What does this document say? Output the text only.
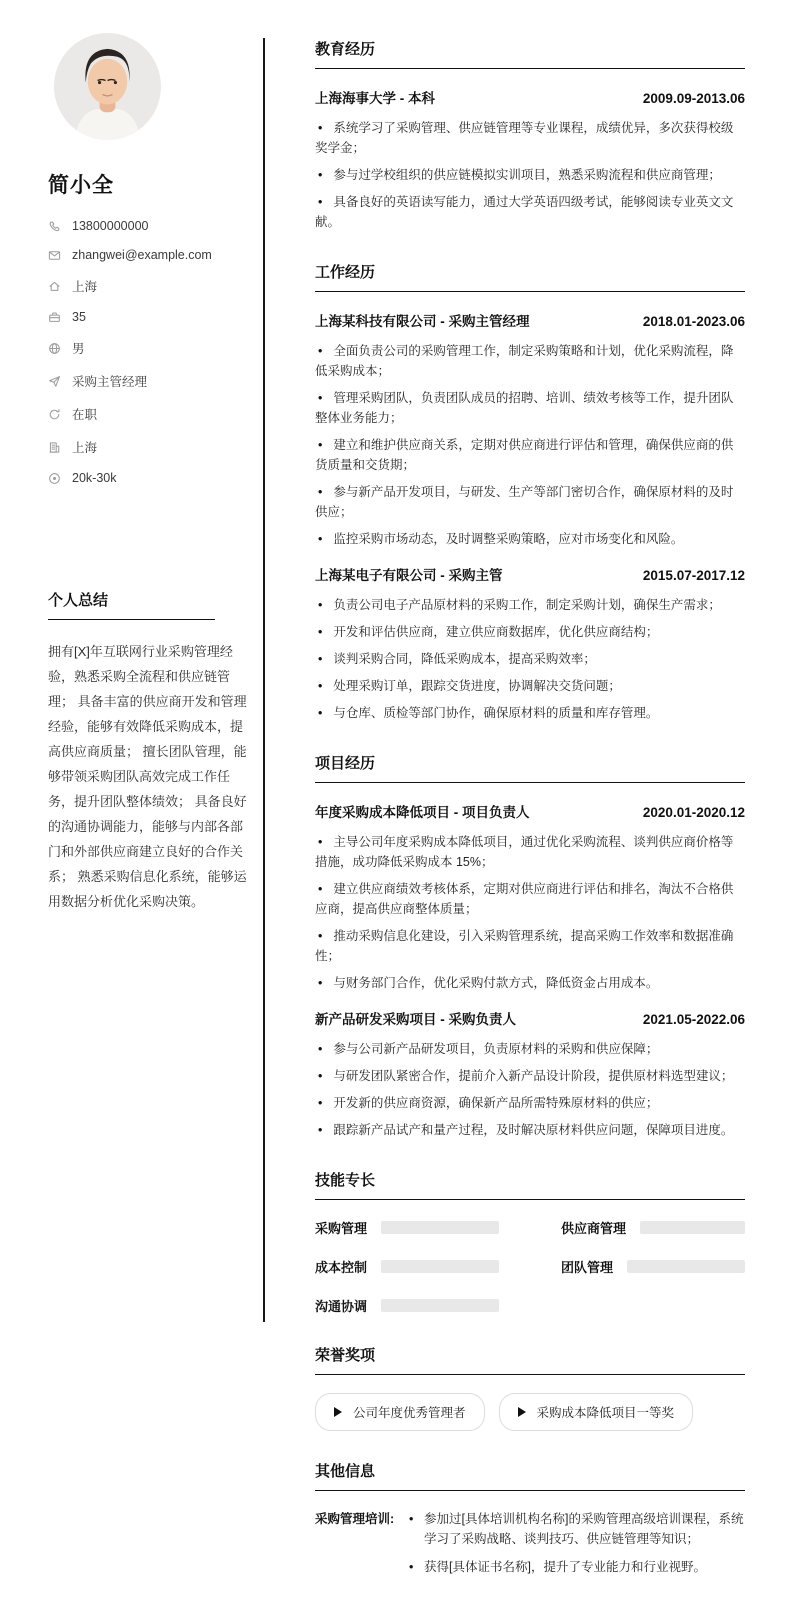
简小全
13800000000
zhangwei@example.com
上海
35
男
采购主管经理
在职
上海
20k-30k
个人总结

拥有[X]年互联网行业采购管理经验，熟悉采购全流程和供应链管理； 具备丰富的供应商开发和管理经验，能够有效降低采购成本，提高供应商质量； 擅长团队管理，能够带领采购团队高效完成工作任务，提升团队整体绩效； 具备良好的沟通协调能力，能够与内部各部门和外部供应商建立良好的合作关系； 熟悉采购信息化系统，能够运用数据分析优化采购决策。

教育经历
上海海事大学 - 本科	2009.09-2013.06
• 系统学习了采购管理、供应链管理等专业课程，成绩优异，多次获得校级奖学金；
• 参与过学校组织的供应链模拟实训项目，熟悉采购流程和供应商管理；
• 具备良好的英语读写能力，通过大学英语四级考试，能够阅读专业英文文献。
工作经历
上海某科技有限公司 - 采购主管经理	2018.01-2023.06
• 全面负责公司的采购管理工作，制定采购策略和计划，优化采购流程，降低采购成本；
• 管理采购团队，负责团队成员的招聘、培训、绩效考核等工作，提升团队整体业务能力；
• 建立和维护供应商关系，定期对供应商进行评估和管理，确保供应商的供货质量和交货期；
• 参与新产品开发项目，与研发、生产等部门密切合作，确保原材料的及时供应；
• 监控采购市场动态，及时调整采购策略，应对市场变化和风险。
上海某电子有限公司 - 采购主管	2015.07-2017.12
• 负责公司电子产品原材料的采购工作，制定采购计划，确保生产需求；
• 开发和评估供应商，建立供应商数据库，优化供应商结构；
• 谈判采购合同，降低采购成本，提高采购效率；
• 处理采购订单，跟踪交货进度，协调解决交货问题；
• 与仓库、质检等部门协作，确保原材料的质量和库存管理。
项目经历
年度采购成本降低项目 - 项目负责人	2020.01-2020.12
• 主导公司年度采购成本降低项目，通过优化采购流程、谈判供应商价格等措施，成功降低采购成本 15%；
• 建立供应商绩效考核体系，定期对供应商进行评估和排名，淘汰不合格供应商，提高供应商整体质量；
• 推动采购信息化建设，引入采购管理系统，提高采购工作效率和数据准确性；
• 与财务部门合作，优化采购付款方式，降低资金占用成本。
新产品研发采购项目 - 采购负责人	2021.05-2022.06
• 参与公司新产品研发项目，负责原材料的采购和供应保障；
• 与研发团队紧密合作，提前介入新产品设计阶段，提供原材料选型建议；
• 开发新的供应商资源，确保新产品所需特殊原材料的供应；
• 跟踪新产品试产和量产过程，及时解决原材料供应问题，保障项目进度。
技能专长
采购管理	供应商管理
成本控制	团队管理
沟通协调
荣誉奖项
公司年度优秀管理者	采购成本降低项目一等奖
其他信息
采购管理培训:	• 参加过[具体培训机构名称]的采购管理高级培训课程，系统学习了采购战略、谈判技巧、供应链管理等知识；
• 获得[具体证书名称]，提升了专业能力和行业视野。
